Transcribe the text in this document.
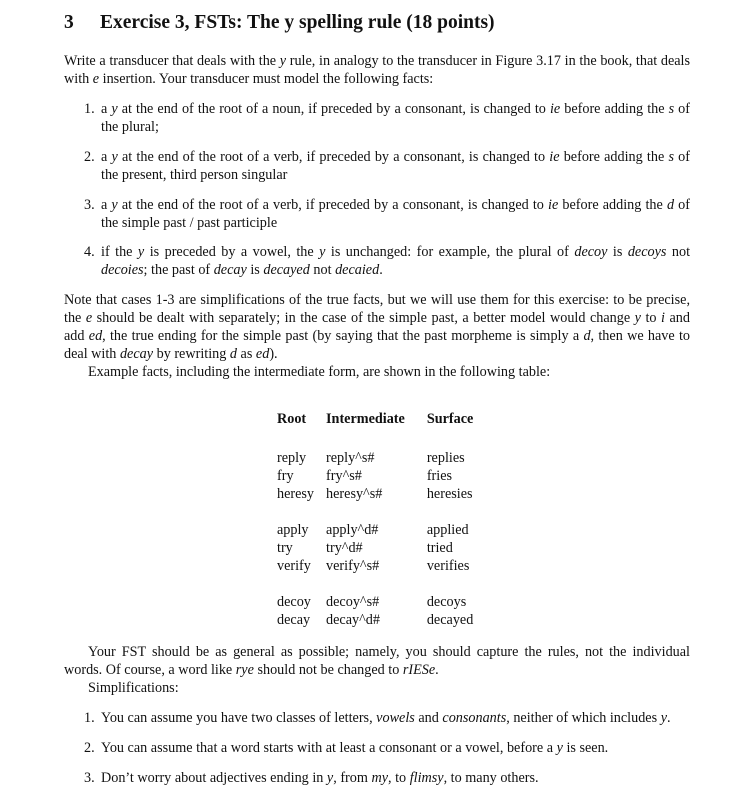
3 Exercise 3, FSTs: The y spelling rule (18 points)
Write a transducer that deals with the y rule, in analogy to the transducer in Figure 3.17 in the book, that deals with e insertion. Your transducer must model the following facts:
1. a y at the end of the root of a noun, if preceded by a consonant, is changed to ie before adding the s of the plural;
2. a y at the end of the root of a verb, if preceded by a consonant, is changed to ie before adding the s of the present, third person singular
3. a y at the end of the root of a verb, if preceded by a consonant, is changed to ie before adding the d of the simple past / past participle
4. if the y is preceded by a vowel, the y is unchanged: for example, the plural of decoy is decoys not decoies; the past of decay is decayed not decaied.
Note that cases 1-3 are simplifications of the true facts, but we will use them for this exercise: to be precise, the e should be dealt with separately; in the case of the simple past, a better model would change y to i and add ed, the true ending for the simple past (by saying that the past morpheme is simply a d, then we have to deal with decay by rewriting d as ed).
Example facts, including the intermediate form, are shown in the following table:
Root	Intermediate	Surface

reply	reply^s#	replies
fry	fry^s#	fries
heresy	heresy^s#	heresies

apply	apply^d#	applied
try	try^d#	tried
verify	verify^s#	verifies

decoy	decoy^s#	decoys
decay	decay^d#	decayed
Your FST should be as general as possible; namely, you should capture the rules, not the individual words. Of course, a word like rye should not be changed to rIESe.
Simplifications:
1. You can assume you have two classes of letters, vowels and consonants, neither of which includes y.
2. You can assume that a word starts with at least a consonant or a vowel, before a y is seen.
3. Don’t worry about adjectives ending in y, from my, to flimsy, to many others.
